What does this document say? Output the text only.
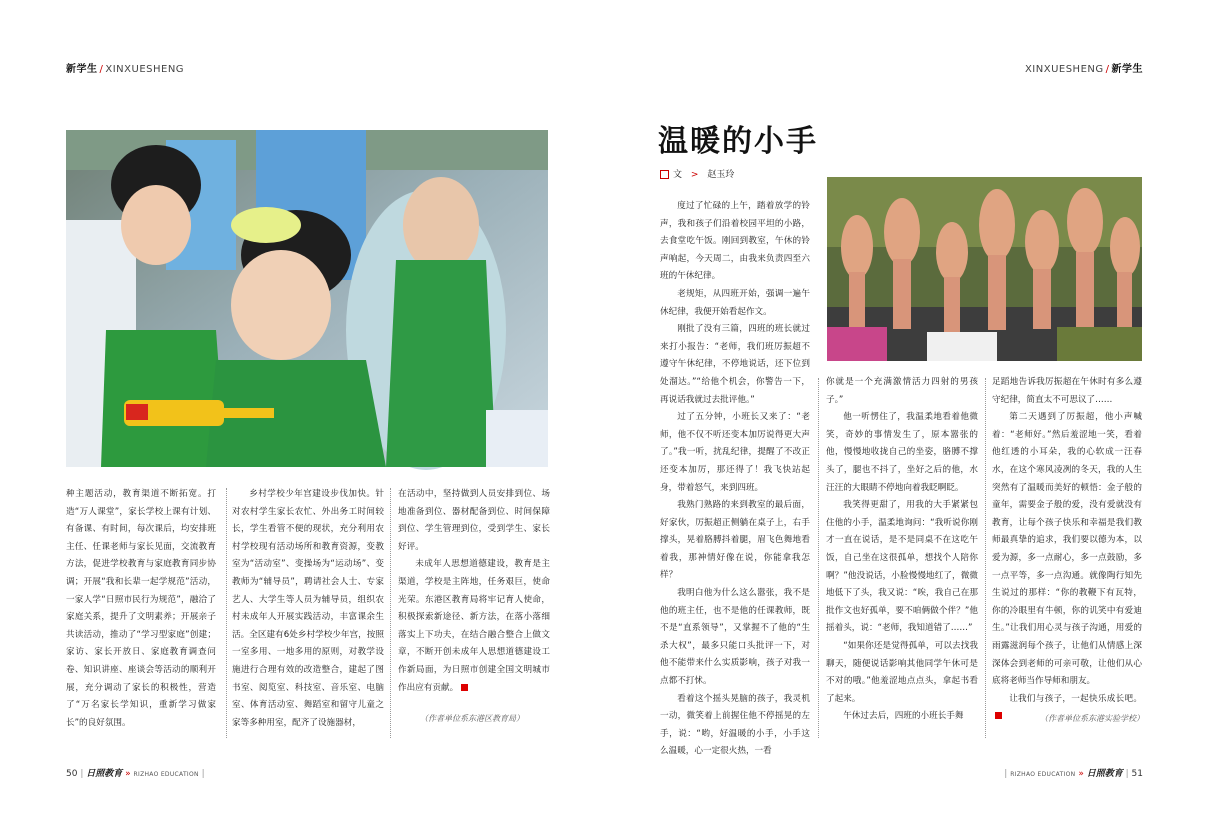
新学生 / XINXUESHENG

种主题活动，教育渠道不断拓宽。打造“万人课堂”，家长学校上课有计划、有备课、有时间，每次课后，均安排班主任、任课老师与家长见面，交流教育方法，促进学校教育与家庭教育同步协调；开展“我和长辈一起学规范”活动，一家人学“日照市民行为规范”，融洽了家庭关系，提升了文明素养；开展亲子共读活动，推动了“学习型家庭”创建；家访、家长开放日、家庭教育调查问卷、知识讲座、座谈会等活动的顺利开展，充分调动了家长的积极性，营造了“万名家长学知识，重新学习做家长”的良好氛围。

乡村学校少年宫建设步伐加快。针对农村学生家长农忙、外出务工时间较长，学生看管不便的现状，充分利用农村学校现有活动场所和教育资源，变教室为“活动室”、变操场为“运动场”、变教师为“辅导员”，聘请社会人士、专家艺人、大学生等人员为辅导员，组织农村未成年人开展实践活动，丰富课余生活。全区建有6处乡村学校少年宫，按照一室多用、一地多用的原则，对教学设施进行合理有效的改造整合，建起了图书室、阅览室、科技室、音乐室、电脑室、体育活动室、舞蹈室和留守儿童之家等多种用室，配齐了设施器材，

在活动中，坚持做到人员安排到位、场地准备到位、器材配备到位、时间保障到位、学生管理到位，受到学生、家长好评。

未成年人思想道德建设，教育是主渠道，学校是主阵地，任务艰巨，使命光荣。东港区教育局将牢记育人使命，积极探索新途径、新方法，在落小落细落实上下功夫，在结合融合整合上做文章，不断开创未成年人思想道德建设工作新局面，为日照市创建全国文明城市作出应有贡献。

（作者单位系东港区教育局）
50 | 日照教育 » RIZHAO EDUCATION |
XINXUESHENG / 新学生
温暖的小手
文 > 赵玉玲

度过了忙碌的上午，踏着放学的铃声，我和孩子们沿着校园平坦的小路，去食堂吃午饭。刚回到教室，午休的铃声响起，今天周二，由我来负责四至六班的午休纪律。

老规矩，从四班开始，强调一遍午休纪律，我便开始看起作文。

刚批了没有三篇，四班的班长就过来打小报告：“老师，我们班厉振超不遵守午休纪律，不停地说话，还下位到处溜达。”“给他个机会，你警告一下，再说话我就过去批评他。”

过了五分钟，小班长又来了：“老师，他不仅不听还变本加厉说得更大声了。”我一听，扰乱纪律，提醒了不改正还变本加厉，那还得了！我飞快站起身，带着怒气，来到四班。

我熟门熟路的来到教室的最后面，好家伙，厉振超正侧躺在桌子上，右手撑头，晃着胳膊抖着腿，眉飞色舞地看着我，那神情好像在说，你能拿我怎样？

我明白他为什么这么嚣张，我不是他的班主任，也不是他的任课教师，既不是“直系领导”，又掌握不了他的“生杀大权”，最多只能口头批评一下，对他不能带来什么实质影响，孩子对我一点都不打怵。

看着这个摇头晃脑的孩子，我灵机一动，微笑着上前握住他不停摇晃的左手，说：“哟，好温暖的小手，小手这么温暖，心一定很火热，一看

你就是一个充满激情活力四射的男孩子。”

他一听愣住了，我温柔地看着他微笑，奇妙的事情发生了，原本嚣张的他，慢慢地收拢自己的坐姿，胳膊不撑头了，腿也不抖了，坐好之后的他，水汪汪的大眼睛不停地向着我眨啊眨。

我笑得更甜了，用我的大手紧紧包住他的小手，温柔地询问：“我听说你刚才一直在说话，是不是同桌不在这吃午饭，自己坐在这很孤单，想找个人陪你啊？”他没说话，小脸慢慢地红了，微微地低下了头，我又说：“唉，我自己在那批作文也好孤单，要不咱俩做个伴？”他摇着头，说：“老师，我知道错了……”

“如果你还是觉得孤单，可以去找我聊天，随便说话影响其他同学午休可是不对的哦。”他羞涩地点点头，拿起书看了起来。

午休过去后，四班的小班长手舞

足蹈地告诉我厉振超在午休时有多么遵守纪律，简直太不可思议了……

第二天遇到了厉振超，他小声喊着：“老师好。”然后羞涩地一笑，看着他红透的小耳朵，我的心软成一汪春水，在这个寒风凌冽的冬天，我的人生突然有了温暖而美好的顿悟：金子般的童年，需要金子般的爱，没有爱就没有教育，让每个孩子快乐和幸福是我们教师最真挚的追求，我们要以德为本，以爱为源，多一点耐心，多一点鼓励，多一点平等，多一点沟通。就像陶行知先生说过的那样：“你的教鞭下有瓦特，你的冷眼里有牛顿，你的讥笑中有爱迪生。”让我们用心灵与孩子沟通，用爱的雨露滋润每个孩子，让他们从情感上深深体会到老师的可亲可敬，让他们从心底将老师当作导师和朋友。

让我们与孩子，一起快乐成长吧。

（作者单位系东港实验学校）
| RIZHAO EDUCATION » 日照教育 | 51
